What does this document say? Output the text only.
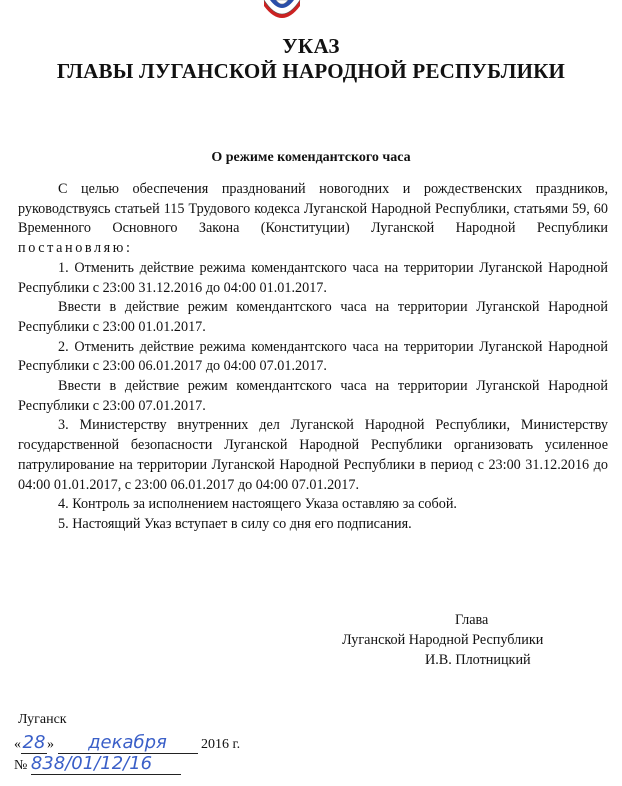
УКАЗ
ГЛАВЫ ЛУГАНСКОЙ НАРОДНОЙ РЕСПУБЛИКИ
О режиме комендантского часа

С целью обеспечения празднований новогодних и рождественских праздников, руководствуясь статьей 115 Трудового кодекса Луганской Народной Республики, статьями 59, 60 Временного Основного Закона (Конституции) Луганской Народной Республики постановляю:

1. Отменить действие режима комендантского часа на территории Луганской Народной Республики с 23:00 31.12.2016 до 04:00 01.01.2017.

Ввести в действие режим комендантского часа на территории Луганской Народной Республики с 23:00 01.01.2017.

2. Отменить действие режима комендантского часа на территории Луганской Народной Республики с 23:00 06.01.2017 до 04:00 07.01.2017.

Ввести в действие режим комендантского часа на территории Луганской Народной Республики с 23:00 07.01.2017.

3. Министерству внутренних дел Луганской Народной Республики, Министерству государственной безопасности Луганской Народной Республики организовать усиленное патрулирование на территории Луганской Народной Республики в период с 23:00 31.12.2016 до 04:00 01.01.2017, с 23:00 06.01.2017 до 04:00 07.01.2017.

4. Контроль за исполнением настоящего Указа оставляю за собой.

5. Настоящий Указ вступает в силу со дня его подписания.

Глава
Луганской Народной Республики
И.В. Плотницкий
Луганск
«28 » декабря 2016 г.
№ 838/01/12/16
